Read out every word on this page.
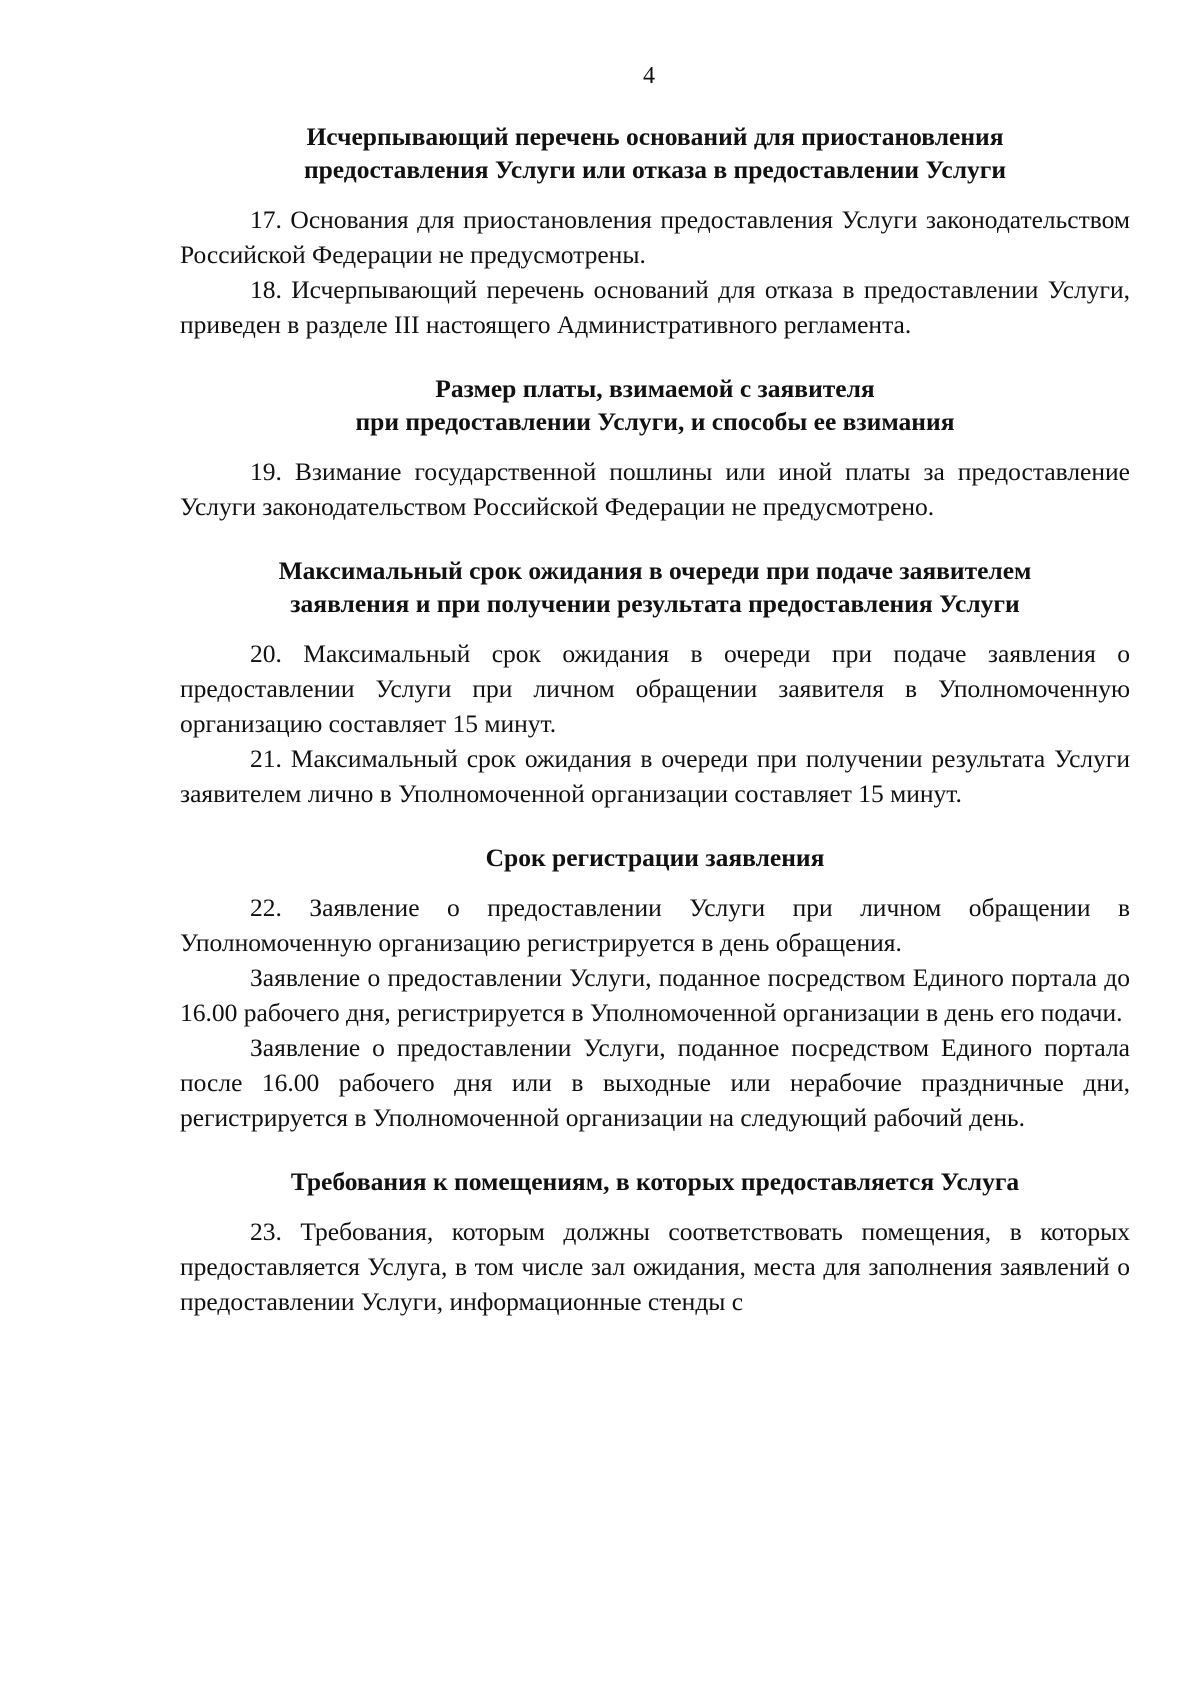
4
Исчерпывающий перечень оснований для приостановления
предоставления Услуги или отказа в предоставлении Услуги

17. Основания для приостановления предоставления Услуги законодательством Российской Федерации не предусмотрены.

18. Исчерпывающий перечень оснований для отказа в предоставлении Услуги, приведен в разделе III настоящего Административного регламента.

Размер платы, взимаемой с заявителя
при предоставлении Услуги, и способы ее взимания

19. Взимание государственной пошлины или иной платы за предоставление Услуги законодательством Российской Федерации не предусмотрено.

Максимальный срок ожидания в очереди при подаче заявителем
заявления и при получении результата предоставления Услуги

20. Максимальный срок ожидания в очереди при подаче заявления о предоставлении Услуги при личном обращении заявителя в Уполномоченную организацию составляет 15 минут.

21. Максимальный срок ожидания в очереди при получении результата Услуги заявителем лично в Уполномоченной организации составляет 15 минут.

Срок регистрации заявления

22. Заявление о предоставлении Услуги при личном обращении в Уполномоченную организацию регистрируется в день обращения.

Заявление о предоставлении Услуги, поданное посредством Единого портала до 16.00 рабочего дня, регистрируется в Уполномоченной организации в день его подачи.

Заявление о предоставлении Услуги, поданное посредством Единого портала после 16.00 рабочего дня или в выходные или нерабочие праздничные дни, регистрируется в Уполномоченной организации на следующий рабочий день.

Требования к помещениям, в которых предоставляется Услуга

23. Требования, которым должны соответствовать помещения, в которых предоставляется Услуга, в том числе зал ожидания, места для заполнения заявлений о предоставлении Услуги, информационные стенды с
